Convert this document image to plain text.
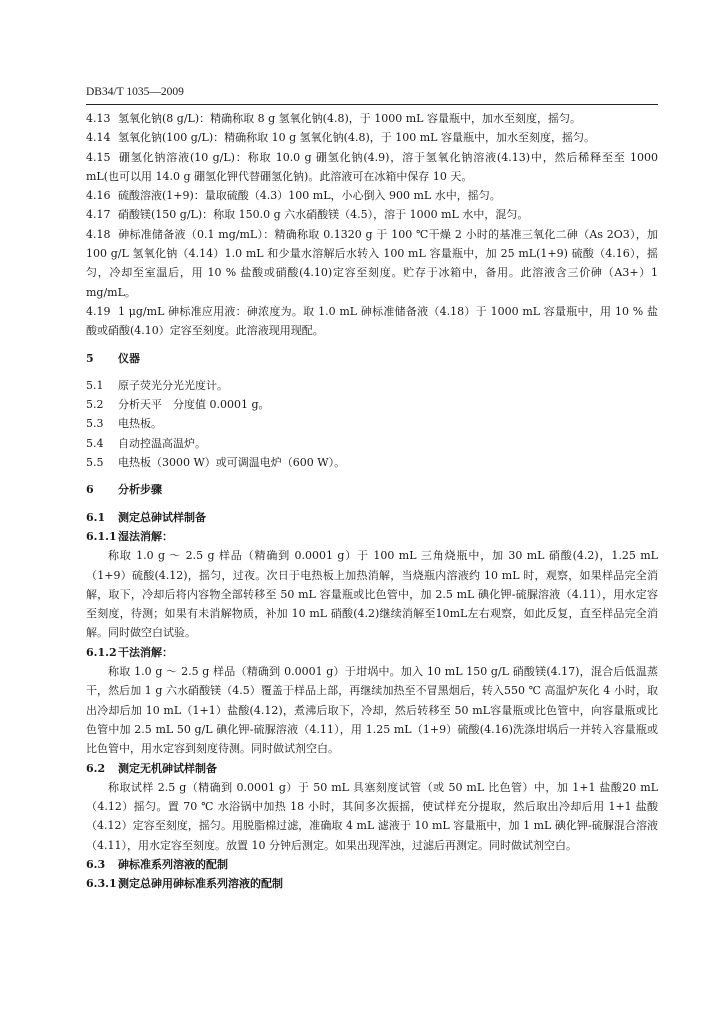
DB34/T 1035—2009

4.13 氢氧化钠(8 g/L)：精确称取 8 g 氢氧化钠(4.8)，于 1000 mL 容量瓶中，加水至刻度，摇匀。

4.14 氢氧化钠(100 g/L)：精确称取 10 g 氢氧化钠(4.8)，于 100 mL 容量瓶中，加水至刻度，摇匀。

4.15 硼氢化钠溶液(10 g/L)：称取 10.0 g 硼氢化钠(4.9)，溶于氢氧化钠溶液(4.13)中，然后稀释至至 1000 mL(也可以用 14.0 g 硼氢化钾代替硼氢化钠)。此溶液可在冰箱中保存 10 天。

4.16 硫酸溶液(1+9)：量取硫酸（4.3）100 mL，小心倒入 900 mL 水中，摇匀。

4.17 硝酸镁(150 g/L)：称取 150.0 g 六水硝酸镁（4.5），溶于 1000 mL 水中，混匀。

4.18 砷标准储备液（0.1 mg/mL）：精确称取 0.1320 g 于 100 ℃干燥 2 小时的基准三氧化二砷（As 2O3），加 100 g/L 氢氧化钠（4.14）1.0 mL 和少量水溶解后水转入 100 mL 容量瓶中，加 25 mL(1+9) 硫酸（4.16），摇匀，冷却至室温后，用 10 % 盐酸或硝酸(4.10)定容至刻度。贮存于冰箱中，备用。此溶液含三价砷（A3+）1 mg/mL。

4.19 1 μg/mL 砷标准应用液：砷浓度为。取 1.0 mL 砷标准储备液（4.18）于 1000 mL 容量瓶中，用 10 % 盐酸或硝酸(4.10）定容至刻度。此溶液现用现配。

5 仪器

5.1 原子荧光分光光度计。

5.2 分析天平　分度值 0.0001 g。

5.3 电热板。

5.4 自动控温高温炉。

5.5 电热板（3000 W）或可调温电炉（600 W）。

6 分析步骤

6.1 测定总砷试样制备

6.1.1湿法消解：

称取 1.0 g ～ 2.5 g 样品（精确到 0.0001 g）于 100 mL 三角烧瓶中，加 30 mL 硝酸(4.2)，1.25 mL（1+9）硫酸(4.12)，摇匀，过夜。次日于电热板上加热消解，当烧瓶内溶液约 10 mL 时，观察，如果样品完全消解，取下，冷却后将内容物全部转移至 50 mL 容量瓶或比色管中，加 2.5 mL 碘化钾-硫脲溶液（4.11），用水定容至刻度，待测；如果有未消解物质，补加 10 mL 硝酸(4.2)继续消解至10mL左右观察，如此反复，直至样品完全消解。同时做空白试验。

6.1.2干法消解：

称取 1.0 g ～ 2.5 g 样品（精确到 0.0001 g）于坩埚中。加入 10 mL 150 g/L 硝酸镁(4.17)，混合后低温蒸干，然后加 1 g 六水硝酸镁（4.5）覆盖于样品上部，再继续加热至不冒黑烟后，转入550 ℃ 高温炉灰化 4 小时，取出冷却后加 10 mL（1+1）盐酸(4.12)，煮沸后取下，冷却，然后转移至 50 mL容量瓶或比色管中，向容量瓶或比色管中加 2.5 mL 50 g/L 碘化钾-硫脲溶液（4.11），用 1.25 mL（1+9）硫酸(4.16)洗涤坩埚后一并转入容量瓶或比色管中，用水定容到刻度待测。同时做试剂空白。

6.2 测定无机砷试样制备

称取试样 2.5 g（精确到 0.0001 g）于 50 mL 具塞刻度试管（或 50 mL 比色管）中，加 1+1 盐酸20 mL（4.12）摇匀。置 70 ℃ 水浴锅中加热 18 小时，其间多次振摇，使试样充分提取，然后取出冷却后用 1+1 盐酸（4.12）定容至刻度，摇匀。用脱脂棉过滤，准确取 4 mL 滤液于 10 mL 容量瓶中，加 1 mL 碘化钾-硫脲混合溶液（4.11），用水定容至刻度。放置 10 分钟后测定。如果出现浑浊，过滤后再测定。同时做试剂空白。

6.3 砷标准系列溶液的配制

6.3.1测定总砷用砷标准系列溶液的配制
